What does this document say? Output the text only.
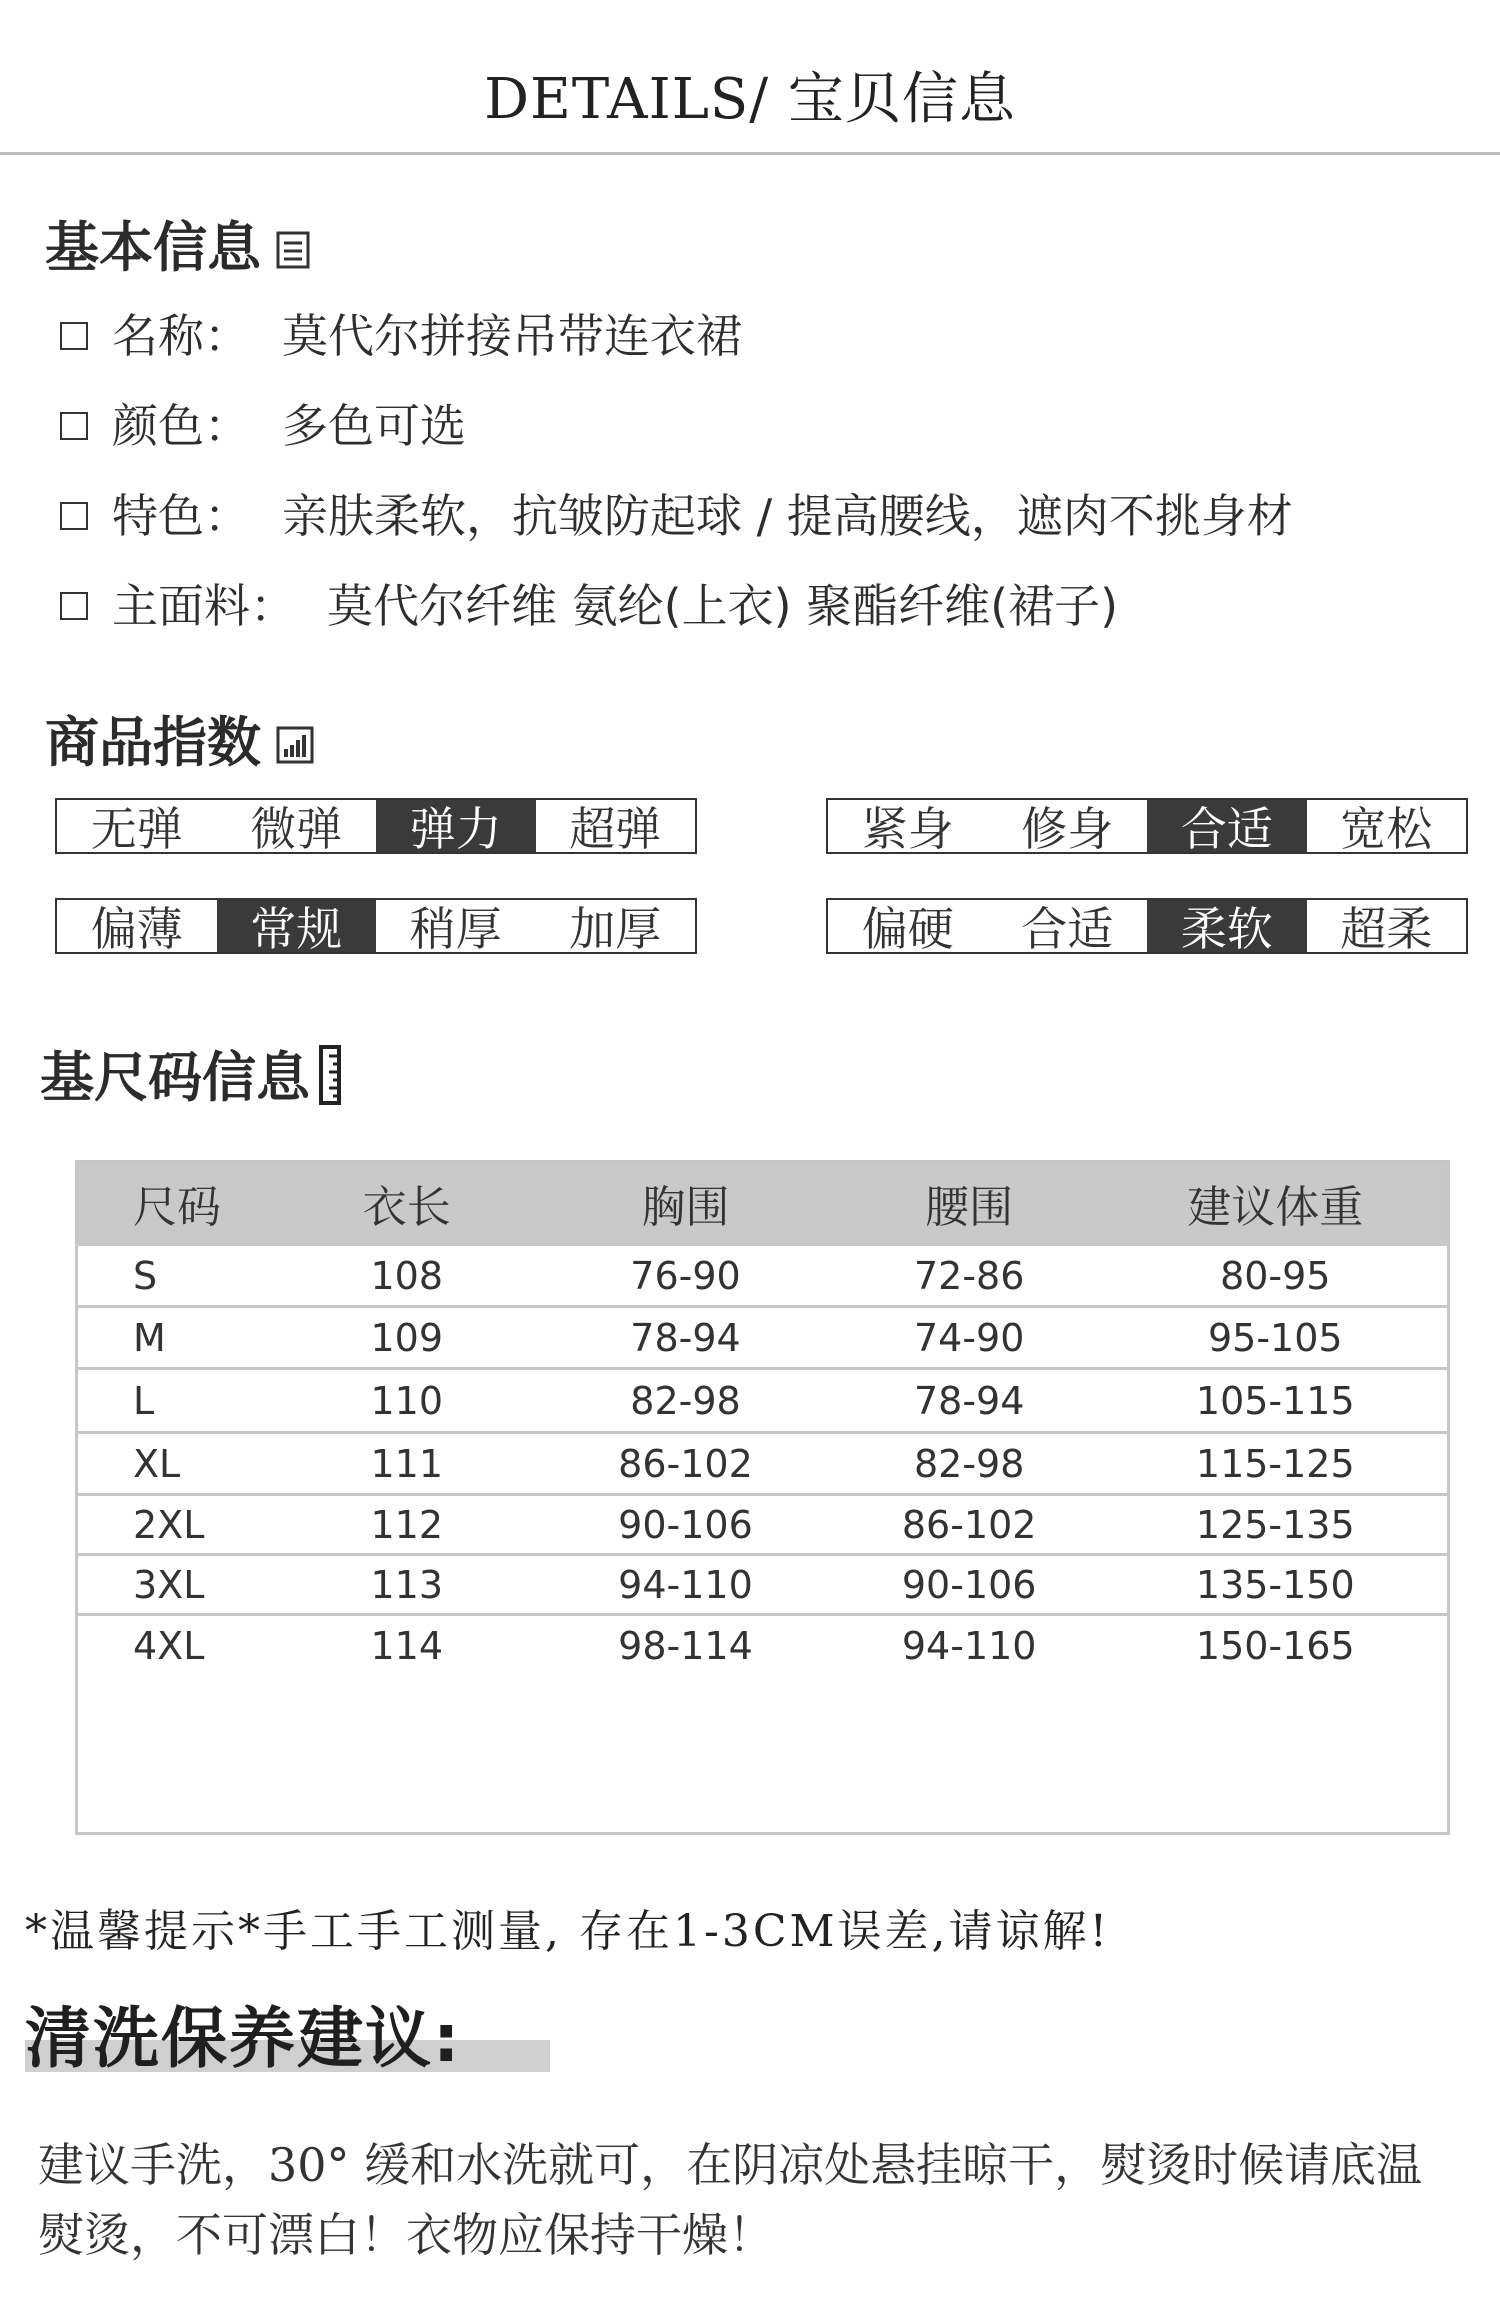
DETAILS/ 宝贝信息
基本信息
名称： 莫代尔拼接吊带连衣裙
颜色： 多色可选
特色： 亲肤柔软，抗皱防起球 / 提高腰线，遮肉不挑身材
主面料： 莫代尔纤维 氨纶(上衣) 聚酯纤维(裙子)
商品指数
无弹	微弹	弹力	超弹	紧身	修身	合适	宽松
偏薄	常规	稍厚	加厚	偏硬	合适	柔软	超柔
基尺码信息
尺码	衣长	胸围	腰围	建议体重
S	108	76-90	72-86	80-95
M	109	78-94	74-90	95-105
L	110	82-98	78-94	105-115
XL	111	86-102	82-98	115-125
2XL	112	90-106	86-102	125-135
3XL	113	94-110	90-106	135-150
4XL	114	98-114	94-110	150-165
*温馨提示*手工手工测量, 存在1-3CM误差,请谅解!
清洗保养建议:
建议手洗，30° 缓和水洗就可，在阴凉处悬挂晾干，熨烫时候请底温熨烫，不可漂白！衣物应保持干燥！
